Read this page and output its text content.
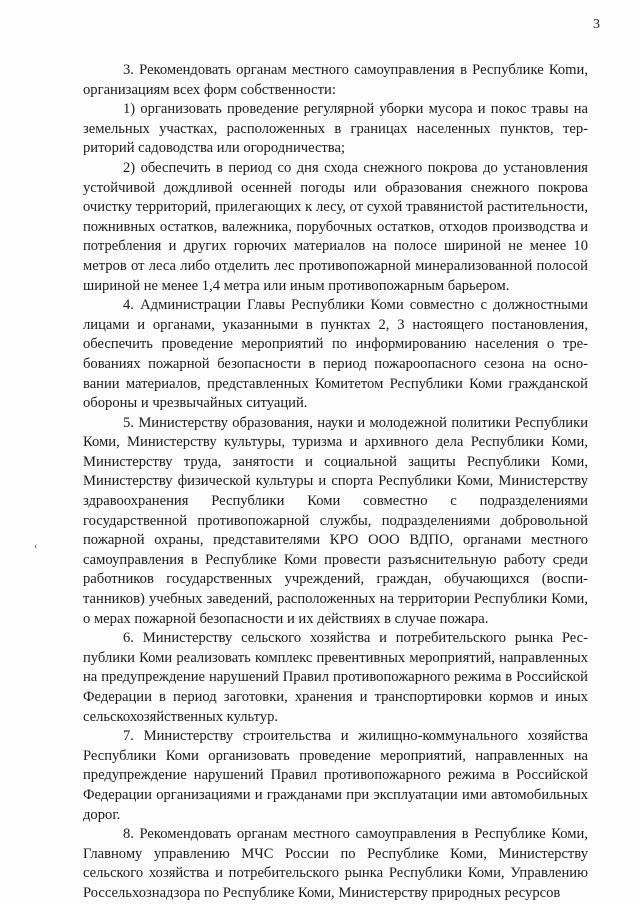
3
‹

3. Рекомендовать органам местного самоуправления в Республике Коmи, организациям всех форм собственности:

1) организовать проведение регулярной уборки мусора и покос травы на земельных участках, расположенных в границах населенных пунктов, территорий садоводства или огородничества;

2) обеспечить в период со дня схода снежного покрова до установления устойчивой дождливой осенней погоды или образования снежного покрова очистку территорий, прилегающих к лесу, от сухой травянистой растительности, пожнивных остатков, валежника, порубочных остатков, отходов производства и потребления и других горючих материалов на полосе шириной не менее 10 метров от леса либо отделить лес противопожарной минерализованной полосой шириной не менее 1,4 метра или иным противопожарным барьером.

4. Администрации Главы Республики Коми совместно с должностными лицами и органами, указанными в пунктах 2, 3 настоящего постановления, обеспечить проведение мероприятий по информированию населения о требованиях пожарной безопасности в период пожароопасного сезона на основании материалов, представленных Комитетом Республики Коми гражданской обороны и чрезвычайных ситуаций.

5. Министерству образования, науки и молодежной политики Республики Коми, Министерству культуры, туризма и архивного дела Республики Коми, Министерству труда, занятости и социальной защиты Республики Коми, Министерству физической культуры и спорта Республики Коми, Министерству здравоохранения Республики Коми совместно с подразделениями государственной противопожарной службы, подразделениями добровольной пожарной охраны, представителями КРО ООО ВДПО, органами местного самоуправления в Республике Коми провести разъяснительную работу среди работников государственных учреждений, граждан, обучающихся (воспитанников) учебных заведений, расположенных на территории Республики Коми, о мерах пожарной безопасности и их действиях в случае пожара.

6. Министерству сельского хозяйства и потребительского рынка Республики Коми реализовать комплекс превентивных мероприятий, направленных на предупреждение нарушений Правил противопожарного режима в Российской Федерации в период заготовки, хранения и транспортировки кормов и иных сельскохозяйственных культур.

7. Министерству строительства и жилищно-коммунального хозяйства Республики Коми организовать проведение мероприятий, направленных на предупреждение нарушений Правил противопожарного режима в Российской Федерации организациями и гражданами при эксплуатации ими автомобильных дорог.

8. Рекомендовать органам местного самоуправления в Республике Коми, Главному управлению МЧС России по Республике Коми, Министерству сельского хозяйства и потребительского рынка Республики Коми, Управлению Россельхознадзора по Республике Коми, Министерству природных ресурсов
